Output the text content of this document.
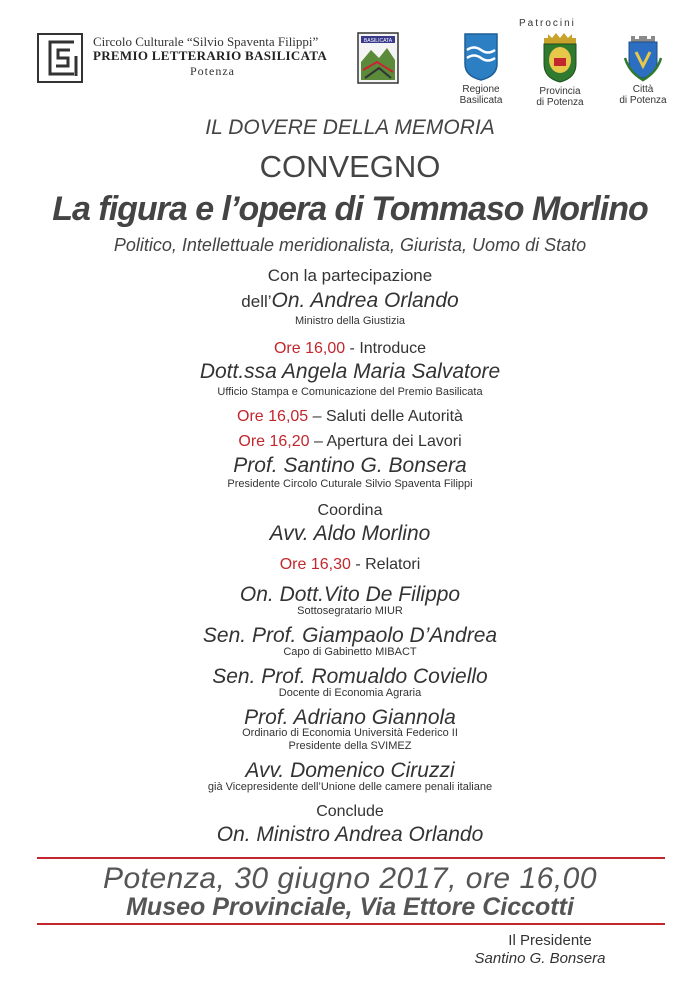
Circolo Culturale “Silvio Spaventa Filippi”
PREMIO LETTERARIO BASILICATA
Potenza
BASILICATA
Patrocini
Regione
Basilicata
Provincia
di Potenza
Città
di Potenza
IL DOVERE DELLA MEMORIA
CONVEGNO
La figura e l’opera di Tommaso Morlino
Politico, Intellettuale meridionalista, Giurista, Uomo di Stato
Con la partecipazione
dell’On. Andrea Orlando
Ministro della Giustizia
Ore 16,00 - Introduce
Dott.ssa Angela Maria Salvatore
Ufficio Stampa e Comunicazione del Premio Basilicata
Ore 16,05 – Saluti delle Autorità
Ore 16,20 – Apertura dei Lavori
Prof. Santino G. Bonsera
Presidente Circolo Cuturale Silvio Spaventa Filippi
Coordina
Avv. Aldo Morlino
Ore 16,30 - Relatori
On. Dott.Vito De Filippo
Sottosegratario MIUR
Sen. Prof. Giampaolo D’Andrea
Capo di Gabinetto MIBACT
Sen. Prof. Romualdo Coviello
Docente di Economia Agraria
Prof. Adriano Giannola
Ordinario di Economia Università Federico II
Presidente della SVIMEZ
Avv. Domenico Ciruzzi
già Vicepresidente dell’Unione delle camere penali italiane
Conclude
On. Ministro Andrea Orlando
Potenza, 30 giugno 2017, ore 16,00
Museo Provinciale, Via Ettore Ciccotti
Il Presidente
Santino G. Bonsera
